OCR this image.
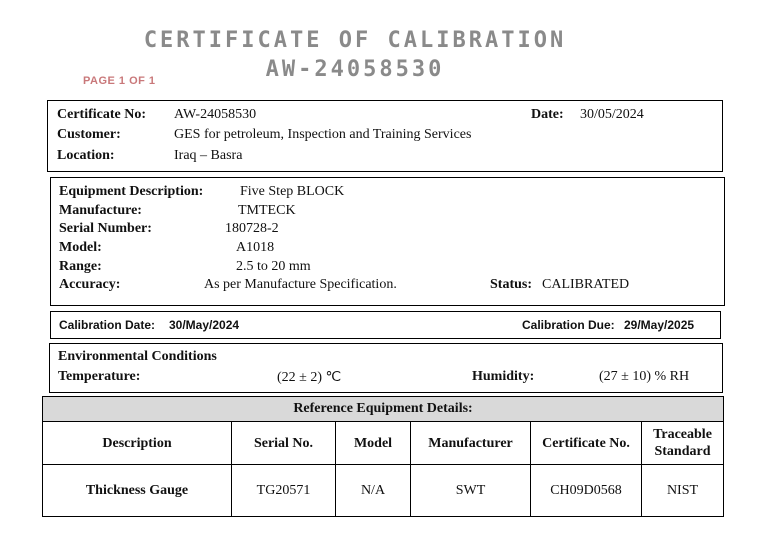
CERTIFICATE OF CALIBRATION
AW-24058530
PAGE 1 OF 1
Certificate No: AW-24058530	Date: 30/05/2024
Customer:	GES for petroleum, Inspection and Training Services
Location:	Iraq – Basra
Equipment Description:	Five Step BLOCK
Manufacture:	TMTECK
Serial Number:	180728-2
Model:	A1018
Range:	2.5 to 20 mm
Accuracy:	As per Manufacture Specification.	Status: CALIBRATED
Calibration Date: 30/May/2024	Calibration Due: 29/May/2025
Environmental Conditions
Temperature:	(22 ± 2) ℃	Humidity:	(27 ± 10) % RH
Reference Equipment Details:					
Description	Serial No.	Model	Manufacturer	Certificate No.	Traceable Standard
Thickness Gauge	TG20571	N/A	SWT	CH09D0568	NIST
